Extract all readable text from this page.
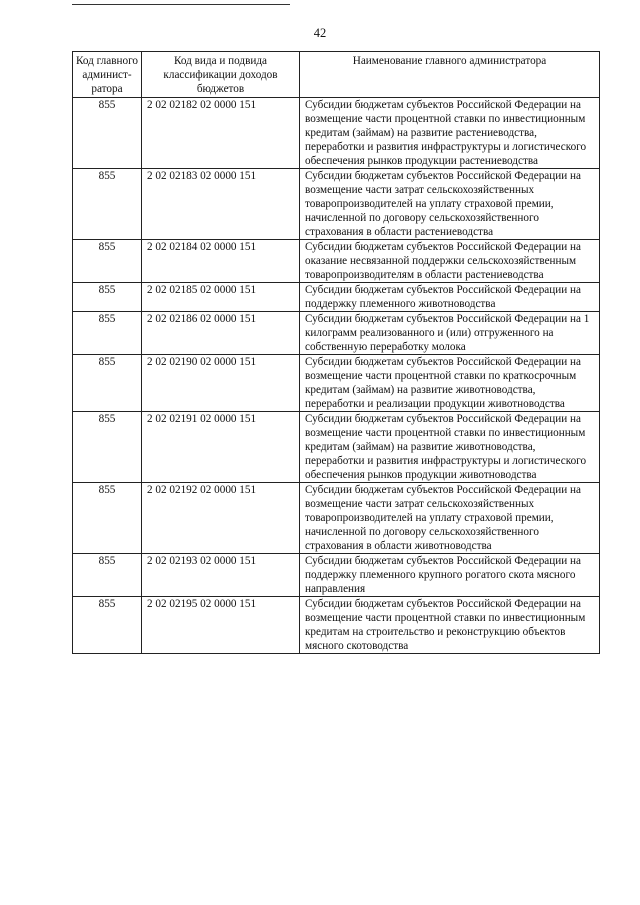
42
Код главного админист-ратора	Код вида и подвида классификации доходов бюджетов	Наименование главного администратора
855	2 02 02182 02 0000 151	Субсидии бюджетам субъектов Российской Федерации на возмещение части процентной ставки по инвестиционным кредитам (займам) на развитие растениеводства, переработки и развития инфраструктуры и логистического обеспечения рынков продукции растениеводства
855	2 02 02183 02 0000 151	Субсидии бюджетам субъектов Российской Федерации на возмещение части затрат сельскохозяйственных товаропроизводителей на уплату страховой премии, начисленной по договору сельскохозяйственного страхования в области растениеводства
855	2 02 02184 02 0000 151	Субсидии бюджетам субъектов Российской Федерации на оказание несвязанной поддержки сельскохозяйственным товаропроизводителям в области растениеводства
855	2 02 02185 02 0000 151	Субсидии бюджетам субъектов Российской Федерации на поддержку племенного животноводства
855	2 02 02186 02 0000 151	Субсидии бюджетам субъектов Российской Федерации на 1 килограмм реализованного и (или) отгруженного на собственную переработку молока
855	2 02 02190 02 0000 151	Субсидии бюджетам субъектов Российской Федерации на возмещение части процентной ставки по краткосрочным кредитам (займам) на развитие животноводства, переработки и реализации продукции животноводства
855	2 02 02191 02 0000 151	Субсидии бюджетам субъектов Российской Федерации на возмещение части процентной ставки по инвестиционным кредитам (займам) на развитие животноводства, переработки и развития инфраструктуры и логистического обеспечения рынков продукции животноводства
855	2 02 02192 02 0000 151	Субсидии бюджетам субъектов Российской Федерации на возмещение части затрат сельскохозяйственных товаропроизводителей на уплату страховой премии, начисленной по договору сельскохозяйственного страхования в области животноводства
855	2 02 02193 02 0000 151	Субсидии бюджетам субъектов Российской Федерации на поддержку племенного крупного рогатого скота мясного направления
855	2 02 02195 02 0000 151	Субсидии бюджетам субъектов Российской Федерации на возмещение части процентной ставки по инвестиционным кредитам на строительство и реконструкцию объектов мясного скотоводства
